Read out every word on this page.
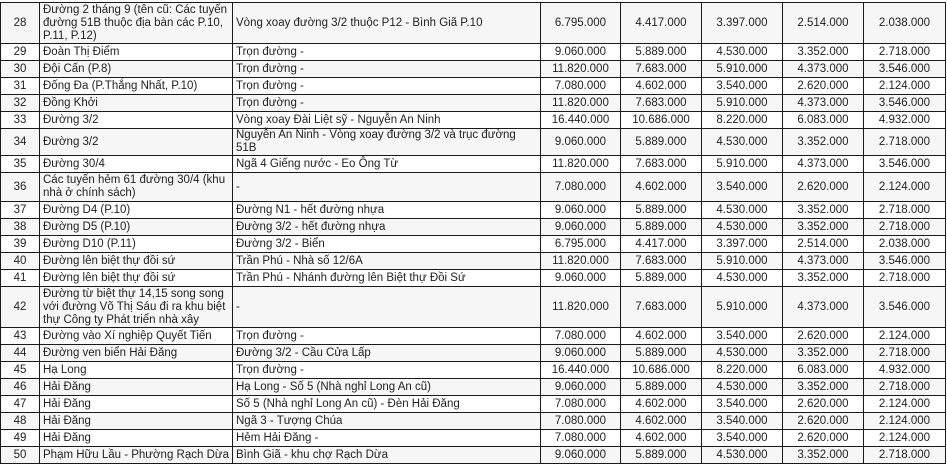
28	Đường 2 tháng 9 (tên cũ: Các tuyến đường 51B thuộc địa bàn các P.10, P.11, P.12)	Vòng xoay đường 3/2 thuộc P12 - Bình Giã P.10	6.795.000	4.417.000	3.397.000	2.514.000	2.038.000
29	Đoàn Thị Điểm	Trọn đường -	9.060.000	5.889.000	4.530.000	3.352.000	2.718.000
30	Đội Cấn (P.8)	Trọn đường -	11.820.000	7.683.000	5.910.000	4.373.000	3.546.000
31	Đống Đa (P.Thắng Nhất, P.10)	Trọn đường -	7.080.000	4.602.000	3.540.000	2.620.000	2.124.000
32	Đồng Khởi	Trọn đường -	11.820.000	7.683.000	5.910.000	4.373.000	3.546.000
33	Đường 3/2	Vòng xoay Đài Liệt sỹ - Nguyễn An Ninh	16.440.000	10.686.000	8.220.000	6.083.000	4.932.000
34	Đường 3/2	Nguyễn An Ninh - Vòng xoay đường 3/2 và trục đường 51B	9.060.000	5.889.000	4.530.000	3.352.000	2.718.000
35	Đường 30/4	Ngã 4 Giếng nước - Eo Ông Từ	11.820.000	7.683.000	5.910.000	4.373.000	3.546.000
36	Các tuyến hẻm 61 đường 30/4 (khu nhà ở chính sách)	-	7.080.000	4.602.000	3.540.000	2.620.000	2.124.000
37	Đường D4 (P.10)	Đường N1 - hết đường nhựa	9.060.000	5.889.000	4.530.000	3.352.000	2.718.000
38	Đường D5 (P.10)	Đường 3/2 - hết đường nhựa	9.060.000	5.889.000	4.530.000	3.352.000	2.718.000
39	Đường D10 (P.11)	Đường 3/2 - Biển	6.795.000	4.417.000	3.397.000	2.514.000	2.038.000
40	Đường lên biệt thự đồi sứ	Trần Phú - Nhà số 12/6A	11.820.000	7.683.000	5.910.000	4.373.000	3.546.000
41	Đường lên biệt thự đồi sứ	Trần Phú - Nhánh đường lên Biệt thự Đồi Sứ	9.060.000	5.889.000	4.530.000	3.352.000	2.718.000
42	Đường từ biệt thự 14,15 song song với đường Võ Thị Sáu đi ra khu biệt thự Công ty Phát triển nhà xây	-	11.820.000	7.683.000	5.910.000	4.373.000	3.546.000
43	Đường vào Xí nghiệp Quyết Tiến	Trọn đường -	7.080.000	4.602.000	3.540.000	2.620.000	2.124.000
44	Đường ven biển Hải Đăng	Đường 3/2 - Cầu Cửa Lấp	9.060.000	5.889.000	4.530.000	3.352.000	2.718.000
45	Hạ Long	Trọn đường -	16.440.000	10.686.000	8.220.000	6.083.000	4.932.000
46	Hải Đăng	Hạ Long - Số 5 (Nhà nghỉ Long An cũ)	9.060.000	5.889.000	4.530.000	3.352.000	2.718.000
47	Hải Đăng	Số 5 (Nhà nghỉ Long An cũ) - Đèn Hải Đăng	7.080.000	4.602.000	3.540.000	2.620.000	2.124.000
48	Hải Đăng	Ngã 3 - Tượng Chúa	7.080.000	4.602.000	3.540.000	2.620.000	2.124.000
49	Hải Đăng	Hẻm Hải Đăng -	7.080.000	4.602.000	3.540.000	2.620.000	2.124.000
50	Phạm Hữu Lầu - Phường Rạch Dừa	Bình Giã - khu chợ Rạch Dừa	9.060.000	5.889.000	4.530.000	3.352.000	2.718.000
